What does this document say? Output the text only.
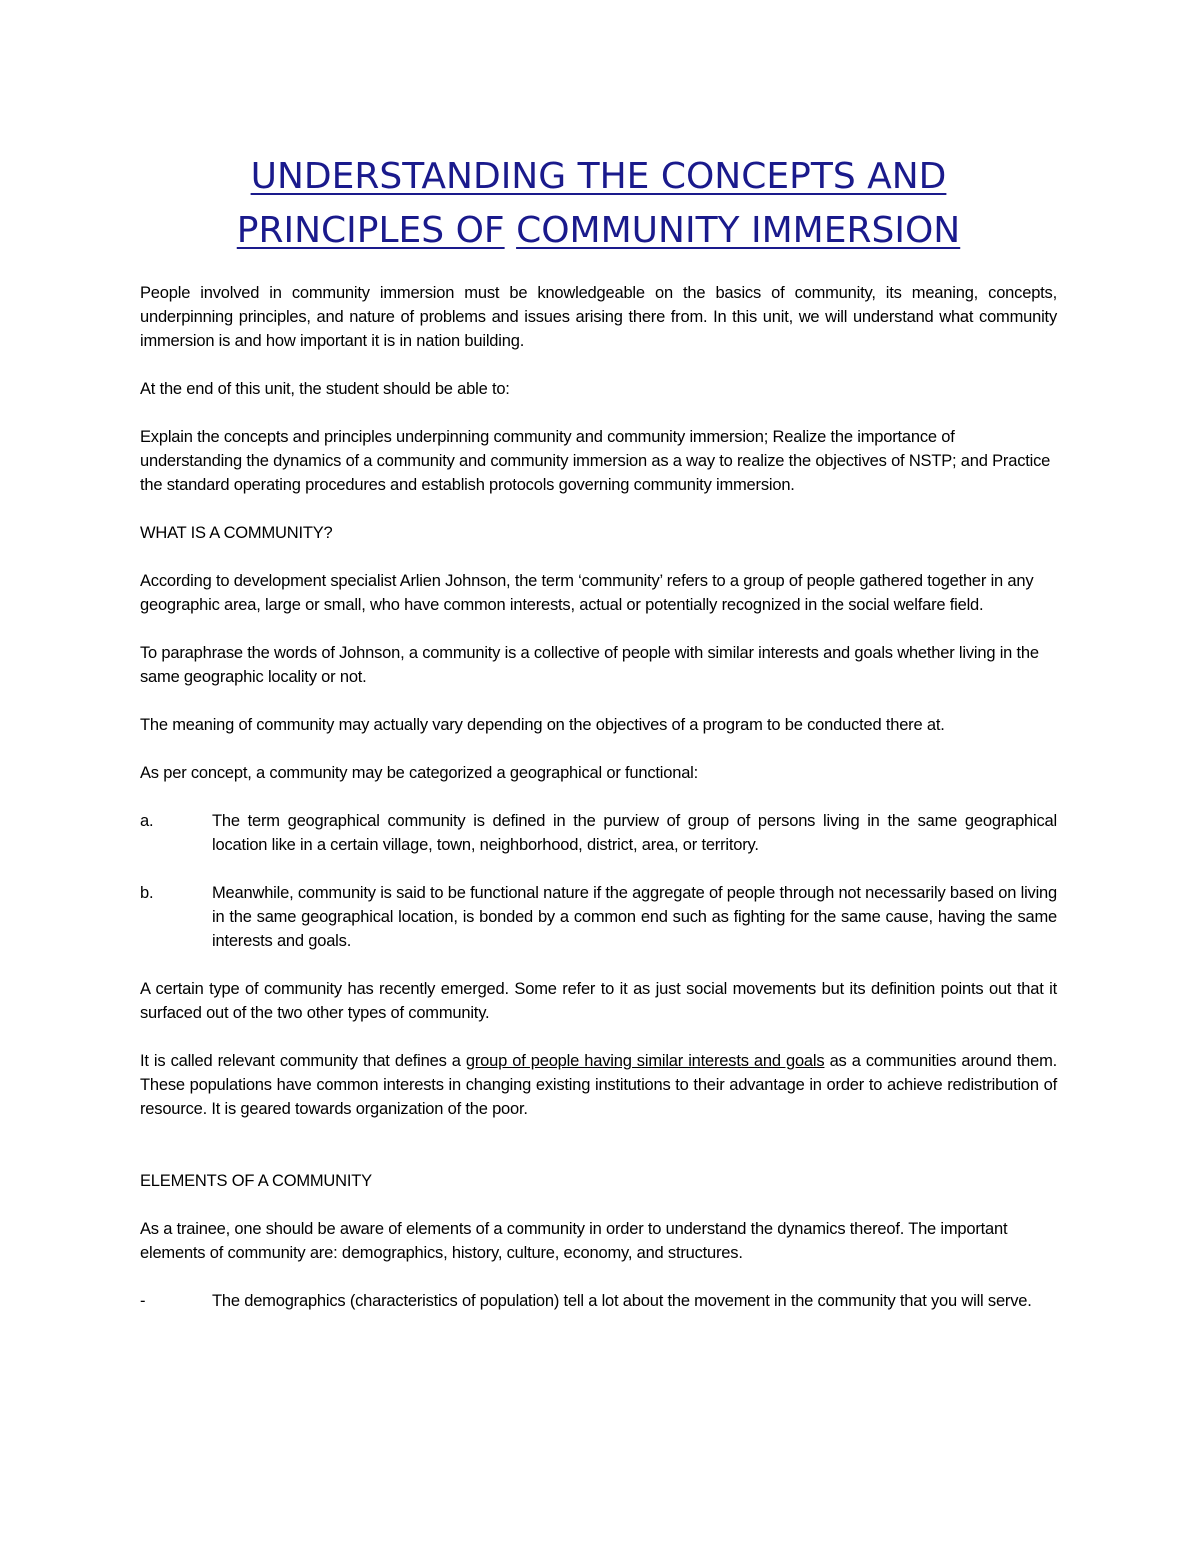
UNDERSTANDING THE CONCEPTS AND
PRINCIPLES OF COMMUNITY IMMERSION

People involved in community immersion must be knowledgeable on the basics of community, its meaning, concepts, underpinning principles, and nature of problems and issues arising there from. In this unit, we will understand what community immersion is and how important it is in nation building.

At the end of this unit, the student should be able to:

Explain the concepts and principles underpinning community and community immersion; Realize the importance of understanding the dynamics of a community and community immersion as a way to realize the objectives of NSTP; and Practice the standard operating procedures and establish protocols governing community immersion.

WHAT IS A COMMUNITY?

According to development specialist Arlien Johnson, the term ‘community’ refers to a group of people gathered together in any geographic area, large or small, who have common interests, actual or potentially recognized in the social welfare field.

To paraphrase the words of Johnson, a community is a collective of people with similar interests and goals whether living in the same geographic locality or not.

The meaning of community may actually vary depending on the objectives of a program to be conducted there at.

As per concept, a community may be categorized a geographical or functional:

a.	The term geographical community is defined in the purview of group of persons living in the same geographical location like in a certain village, town, neighborhood, district, area, or territory.
b.	Meanwhile, community is said to be functional nature if the aggregate of people through not necessarily based on living in the same geographical location, is bonded by a common end such as fighting for the same cause, having the same interests and goals.

A certain type of community has recently emerged. Some refer to it as just social movements but its definition points out that it surfaced out of the two other types of community.

It is called relevant community that defines a group of people having similar interests and goals as a communities around them. These populations have common interests in changing existing institutions to their advantage in order to achieve redistribution of resource. It is geared towards organization of the poor.

ELEMENTS OF A COMMUNITY

As a trainee, one should be aware of elements of a community in order to understand the dynamics thereof. The important elements of community are: demographics, history, culture, economy, and structures.

-	The demographics (characteristics of population) tell a lot about the movement in the community that you will serve.
